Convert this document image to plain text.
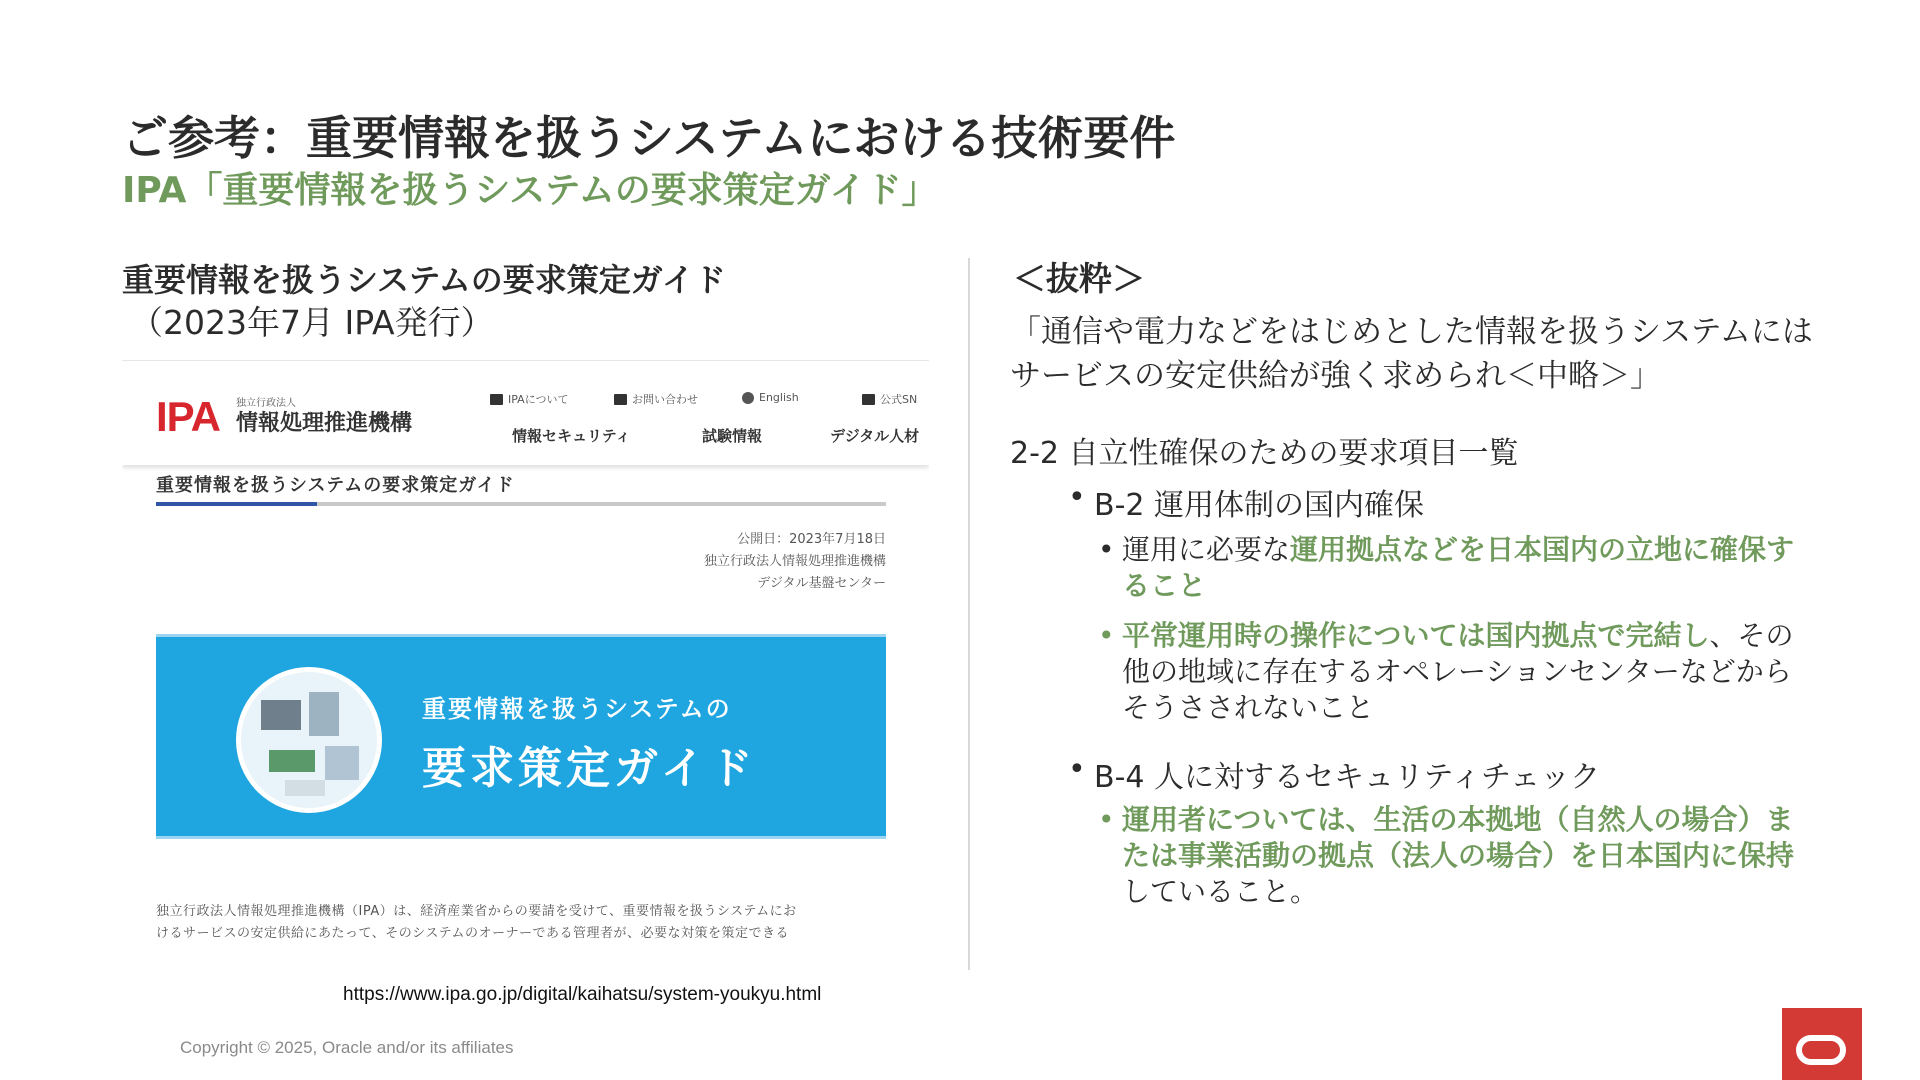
ご参考：重要情報を扱うシステムにおける技術要件
IPA「重要情報を扱うシステムの要求策定ガイド」
重要情報を扱うシステムの要求策定ガイド
（2023年7月 IPA発行）
IPA 独立行政法人
情報処理推進機構
IPAについて	お問い合わせ	English	公式SN
情報セキュリティ	試験情報	デジタル人材
重要情報を扱うシステムの要求策定ガイド
公開日：2023年7月18日
独立行政法人情報処理推進機構
デジタル基盤センター
重要情報を扱うシステムの
要求策定ガイド
独立行政法人情報処理推進機構（IPA）は、経済産業省からの要請を受けて、重要情報を扱うシステムにお
けるサービスの安定供給にあたって、そのシステムのオーナーである管理者が、必要な対策を策定できる
https://www.ipa.go.jp/digital/kaihatsu/system-youkyu.html
＜抜粋＞
「通信や電力などをはじめとした情報を扱うシステムには
サービスの安定供給が強く求められ＜中略＞」
2-2 自立性確保のための要求項目一覧
• B-2 運用体制の国内確保
• 運用に必要な運用拠点などを日本国内の立地に確保すること
• 平常運用時の操作については国内拠点で完結し、その他の地域に存在するオペレーションセンターなどからそうさされないこと
• B-4 人に対するセキュリティチェック
• 運用者については、生活の本拠地（自然人の場合）または事業活動の拠点（法人の場合）を日本国内に保持していること。
Copyright © 2025, Oracle and/or its affiliates
